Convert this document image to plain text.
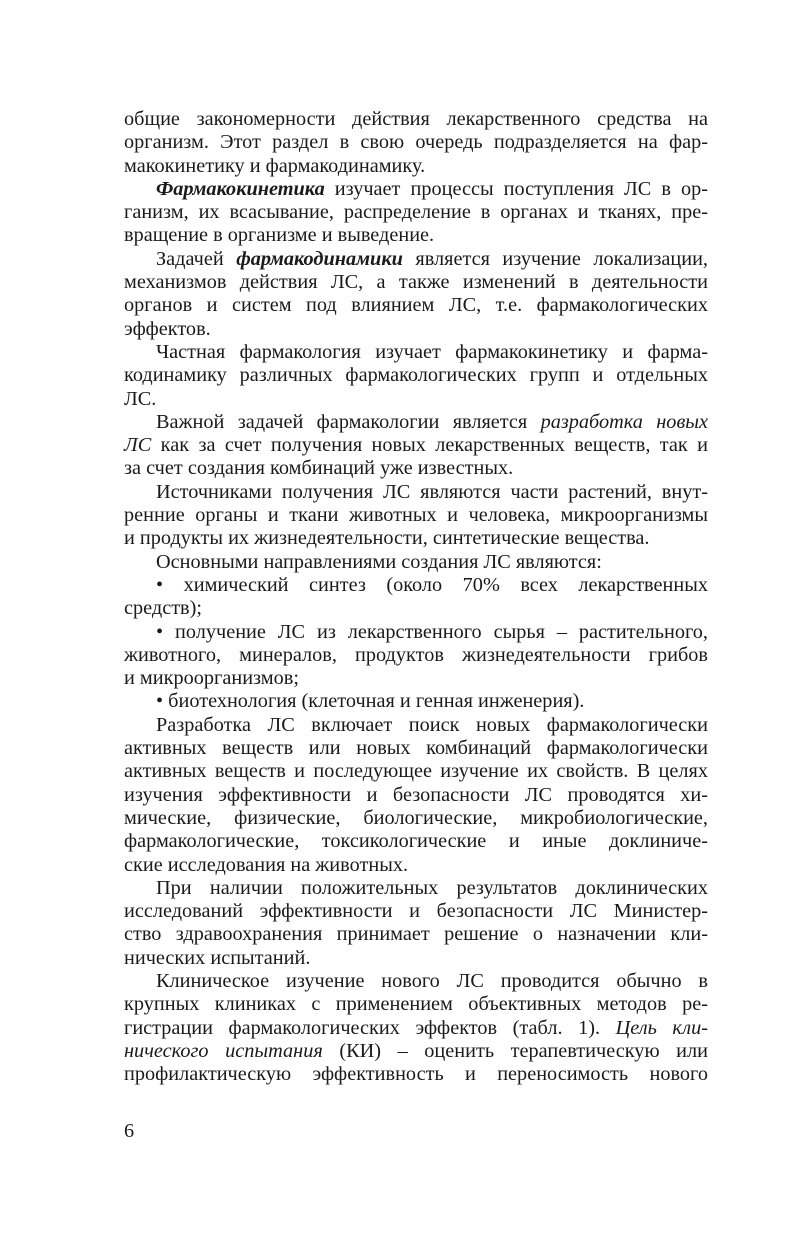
общие закономерности действия лекарственного средства на
организм. Этот раздел в свою очередь подразделяется на фар-
макокинетику и фармакодинамику.
Фармакокинетика изучает процессы поступления ЛС в ор-
ганизм, их всасывание, распределение в органах и тканях, пре-
вращение в организме и выведение.
Задачей фармакодинамики является изучение локализации,
механизмов действия ЛС, а также изменений в деятельности
органов и систем под влиянием ЛС, т.е. фармакологических
эффектов.
Частная фармакология изучает фармакокинетику и фарма-
кодинамику различных фармакологических групп и отдельных
ЛС.
Важной задачей фармакологии является разработка новых
ЛС как за счет получения новых лекарственных веществ, так и
за счет создания комбинаций уже известных.
Источниками получения ЛС являются части растений, внут-
ренние органы и ткани животных и человека, микроорганизмы
и продукты их жизнедеятельности, синтетические вещества.
Основными направлениями создания ЛС являются:
• химический синтез (около 70% всех лекарственных
средств);
• получение ЛС из лекарственного сырья – растительного,
животного, минералов, продуктов жизнедеятельности грибов
и микроорганизмов;
• биотехнология (клеточная и генная инженерия).
Разработка ЛС включает поиск новых фармакологически
активных веществ или новых комбинаций фармакологически
активных веществ и последующее изучение их свойств. В целях
изучения эффективности и безопасности ЛС проводятся хи-
мические, физические, биологические, микробиологические,
фармакологические, токсикологические и иные доклиниче-
ские исследования на животных.
При наличии положительных результатов доклинических
исследований эффективности и безопасности ЛС Министер-
ство здравоохранения принимает решение о назначении кли-
нических испытаний.
Клиническое изучение нового ЛС проводится обычно в
крупных клиниках с применением объективных методов ре-
гистрации фармакологических эффектов (табл. 1). Цель кли-
нического испытания (КИ) – оценить терапевтическую или
профилактическую эффективность и переносимость нового
6
